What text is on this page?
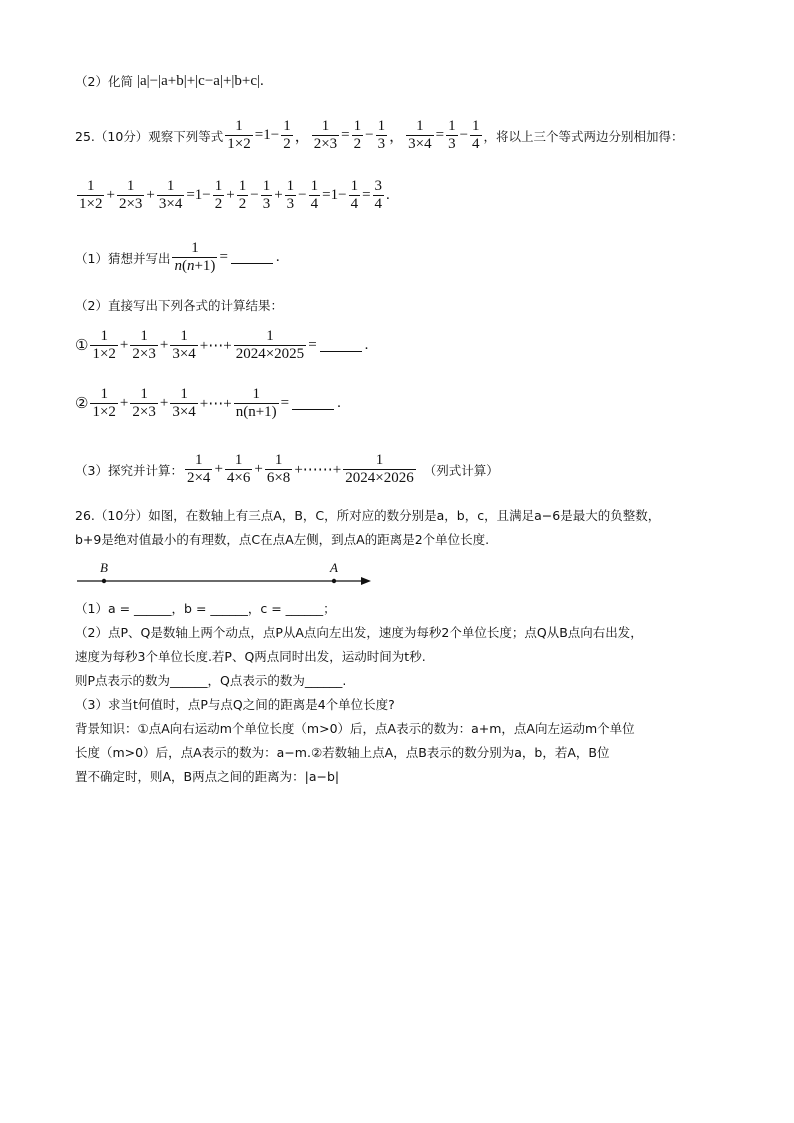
（2）化简 |a|−|a+b|+|c−a|+|b+c|.
25.（10分）观察下列等式 $\frac{1}{1\times 2} =1- \frac{1}{2}$ ， $\frac{1}{2\times 3} = \frac{1}{2} - \frac{1}{3}$ ， $\frac{1}{3\times 4} = \frac{1}{3} - \frac{1}{4}$ ，将以上三个等式两边分别相加得：
$\frac{1}{1\times 2} + \frac{1}{2\times 3} + \frac{1}{3\times 4} =1- \frac{1}{2} + \frac{1}{2} - \frac{1}{3} + \frac{1}{3} - \frac{1}{4} =1- \frac{1}{4} = \frac{3}{4}$ .
（1）猜想并写出 $\frac{1}{n(n+1)}$ =	.
（2）直接写出下列各式的计算结果：
① $\frac{1}{1\times 2} + \frac{1}{2\times 3} + \frac{1}{3\times 4}$ +⋯+ $\frac{1}{2024\times 2025}$ =	.
② $\frac{1}{1\times 2} + \frac{1}{2\times 3} + \frac{1}{3\times 4}$ +⋯+ $\frac{1}{n(n+1)}$ =	.
（3）探究并计算： $\frac{1}{2\times 4} + \frac{1}{4\times 6} + \frac{1}{6\times 8}$ +⋯⋯+ $\frac{1}{2024\times 2026}$ （列式计算）
26.（10分）如图，在数轴上有三点A，B，C，所对应的数分别是a，b，c，且满足a−6是最大的负整数，
b+9是绝对值最小的有理数，点C在点A左侧，到点A的距离是2个单位长度.
B	A
（1）a = ______，b = ______，c = ______；
（2）点P、Q是数轴上两个动点，点P从A点向左出发，速度为每秒2个单位长度；点Q从B点向右出发，
速度为每秒3个单位长度.若P、Q两点同时出发，运动时间为t秒.
则P点表示的数为______，Q点表示的数为______.
（3）求当t何值时，点P与点Q之间的距离是4个单位长度?
背景知识：①点A向右运动m个单位长度（m>0）后，点A表示的数为：a+m，点A向左运动m个单位
长度（m>0）后，点A表示的数为：a−m.②若数轴上点A，点B表示的数分别为a，b，若A，B位
置不确定时，则A，B两点之间的距离为：|a−b|
